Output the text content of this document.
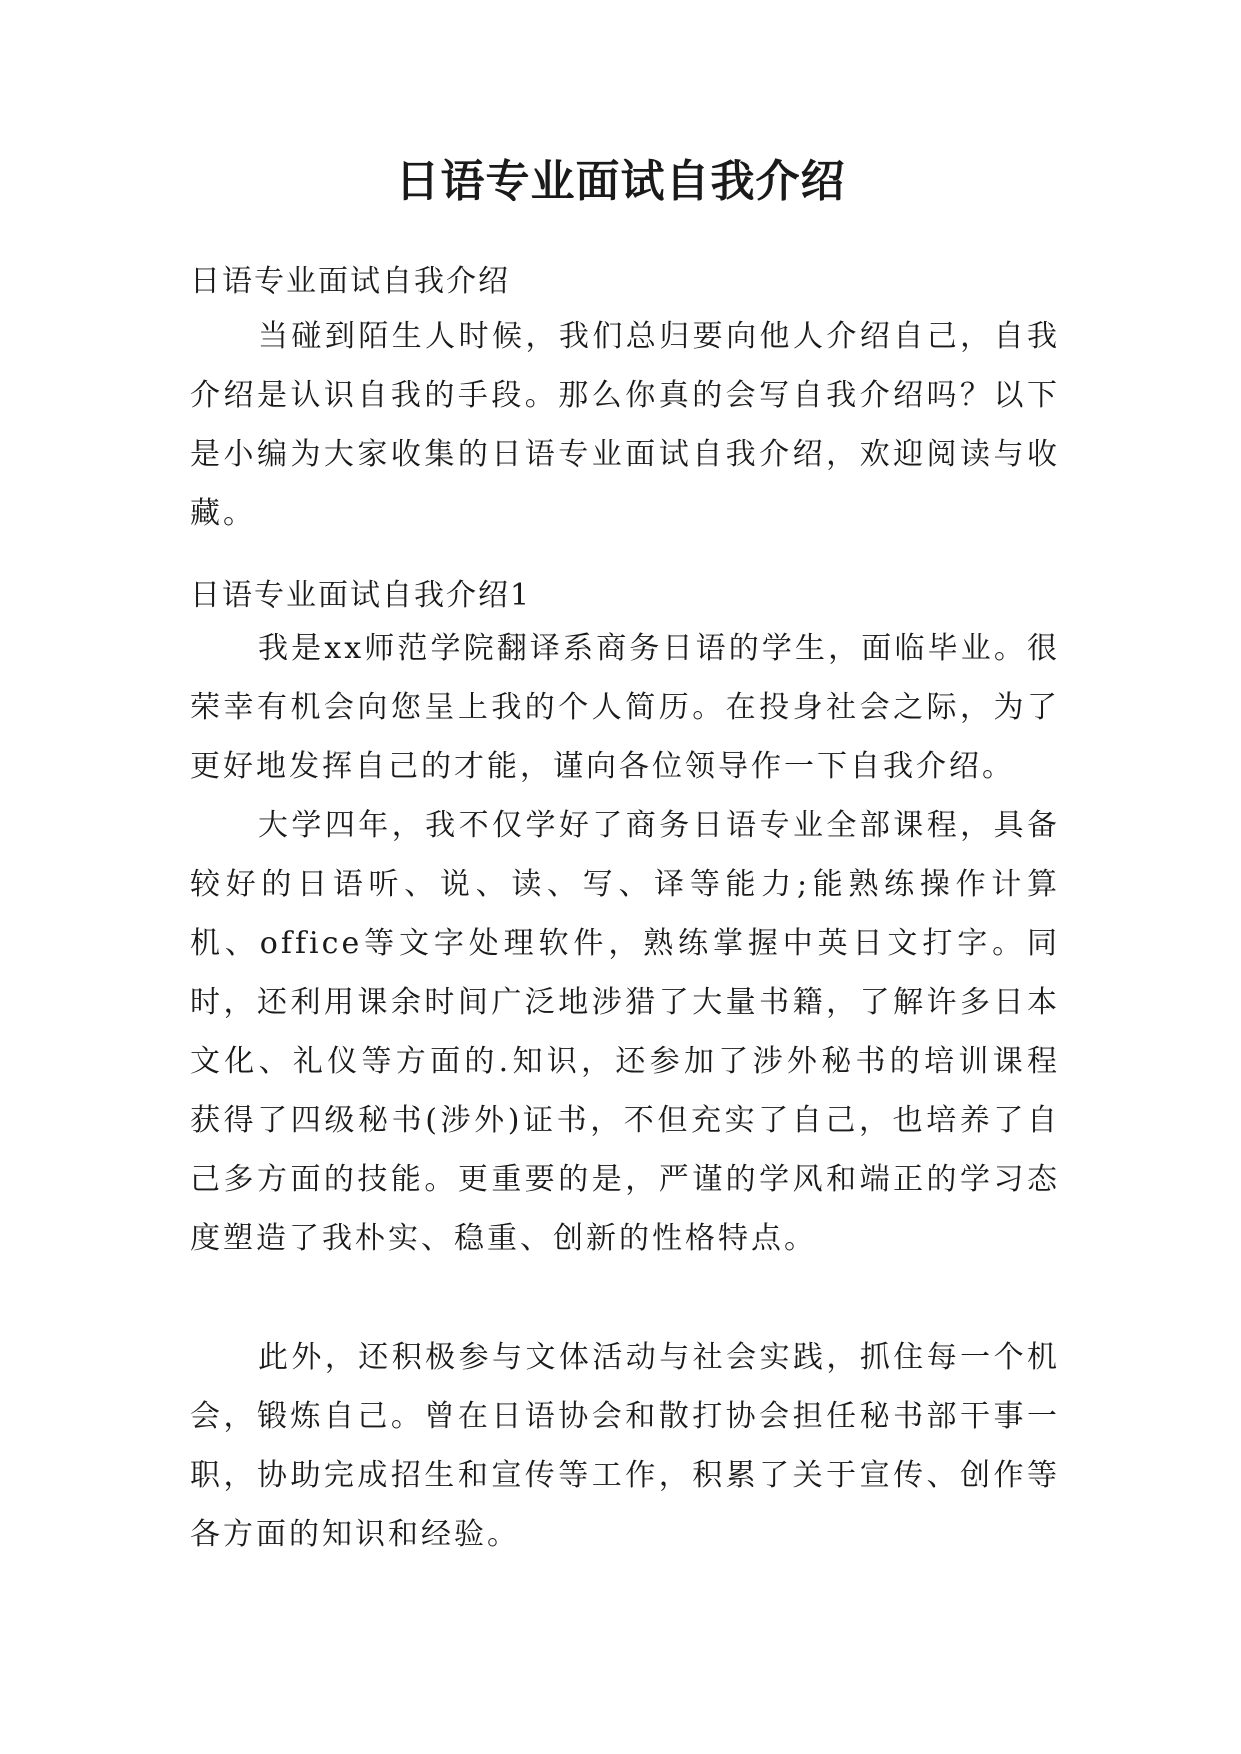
日语专业面试自我介绍
日语专业面试自我介绍

当碰到陌生人时候，我们总归要向他人介绍自己，自我介绍是认识自我的手段。那么你真的会写自我介绍吗？以下是小编为大家收集的日语专业面试自我介绍，欢迎阅读与收藏。

日语专业面试自我介绍1

我是xx师范学院翻译系商务日语的学生，面临毕业。很荣幸有机会向您呈上我的个人简历。在投身社会之际，为了更好地发挥自己的才能，谨向各位领导作一下自我介绍。

大学四年，我不仅学好了商务日语专业全部课程，具备较好的日语听、说、读、写、译等能力;能熟练操作计算机、office等文字处理软件，熟练掌握中英日文打字。同时，还利用课余时间广泛地涉猎了大量书籍，了解许多日本文化、礼仪等方面的.知识，还参加了涉外秘书的培训课程获得了四级秘书(涉外)证书，不但充实了自己，也培养了自己多方面的技能。更重要的是，严谨的学风和端正的学习态度塑造了我朴实、稳重、创新的性格特点。

此外，还积极参与文体活动与社会实践，抓住每一个机会，锻炼自己。曾在日语协会和散打协会担任秘书部干事一职，协助完成招生和宣传等工作，积累了关于宣传、创作等各方面的知识和经验。
